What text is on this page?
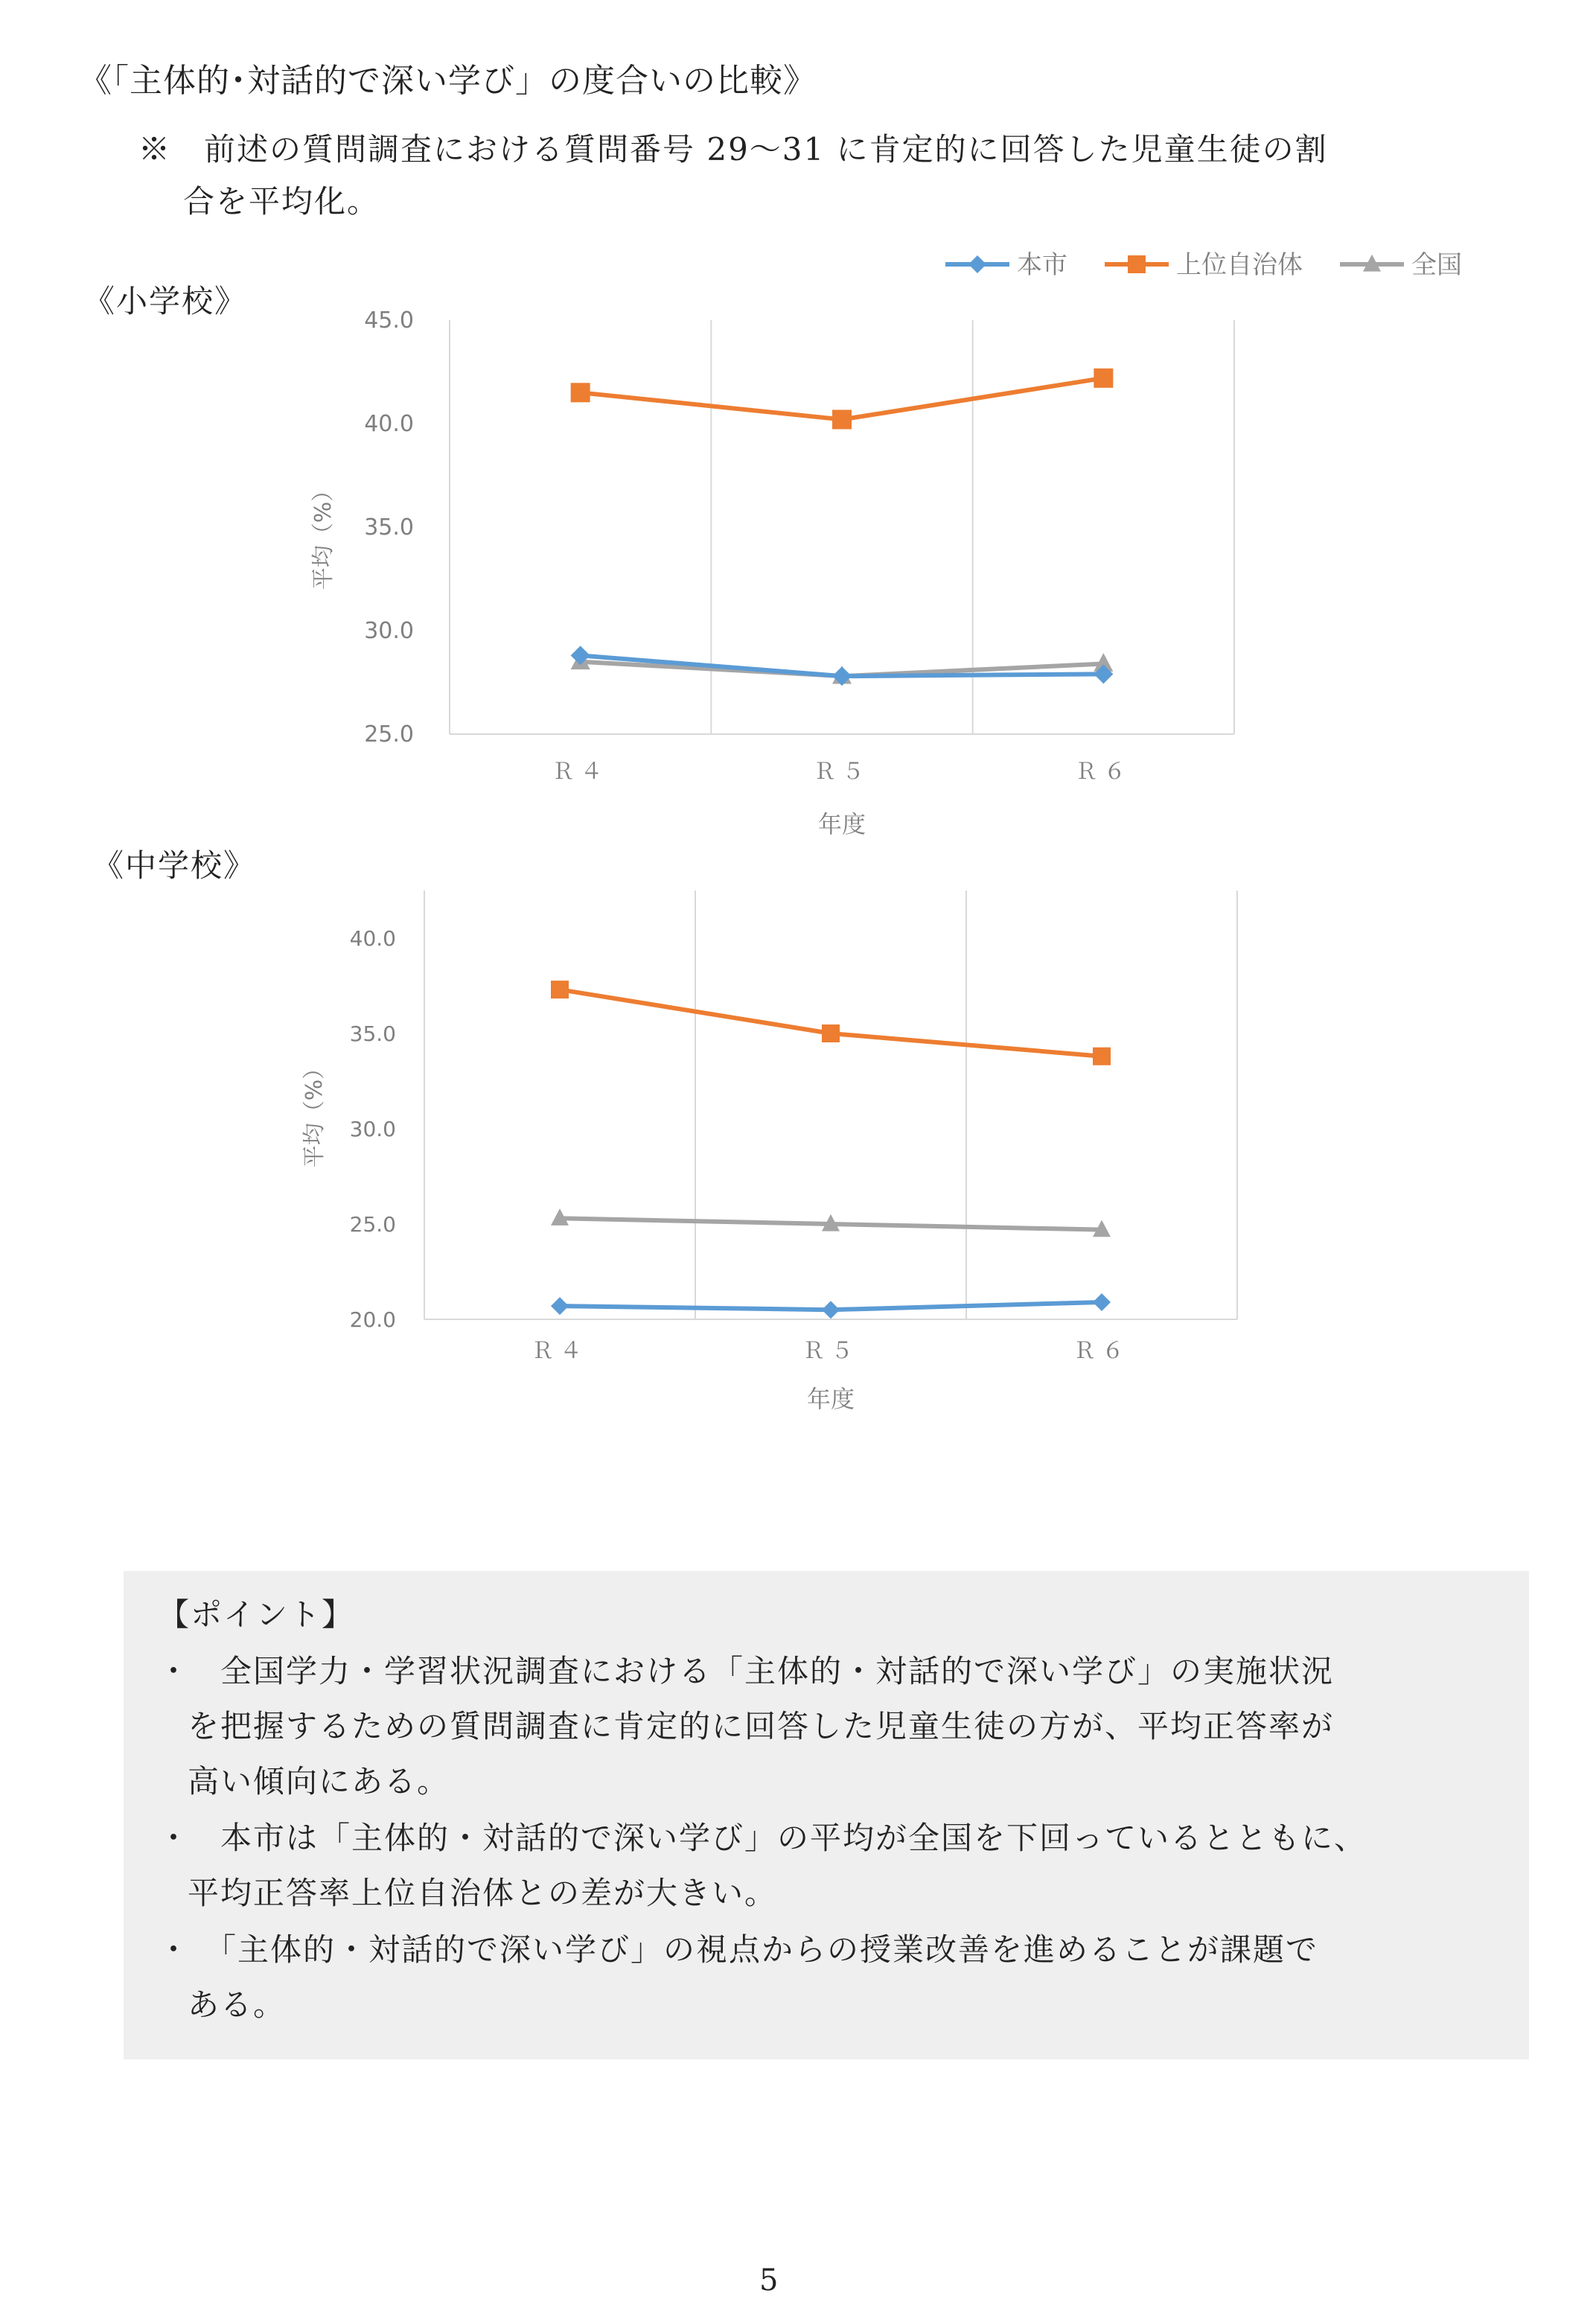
《「主体的･対話的で深い学び」の度合いの比較》
※　前述の質問調査における質問番号 29～31 に肯定的に回答した児童生徒の割
合を平均化。
《小学校》
《中学校》
25.0
30.0
35.0
40.0
45.0
Ｒ４	Ｒ５	Ｒ６
年度
平均（%）
20.0
25.0
30.0
35.0
40.0
Ｒ４	Ｒ５	Ｒ６
年度
平均（%）
本市	上位自治体	全国
【ポイント】
・
　全国学力・学習状況調査における「主体的・対話的で深い学び」の実施状況
を把握するための質問調査に肯定的に回答した児童生徒の方が、平均正答率が
高い傾向にある。
・
　本市は「主体的・対話的で深い学び」の平均が全国を下回っているとともに、
平均正答率上位自治体との差が大きい。
・
　「主体的・対話的で深い学び」の視点からの授業改善を進めることが課題で
ある。
5
